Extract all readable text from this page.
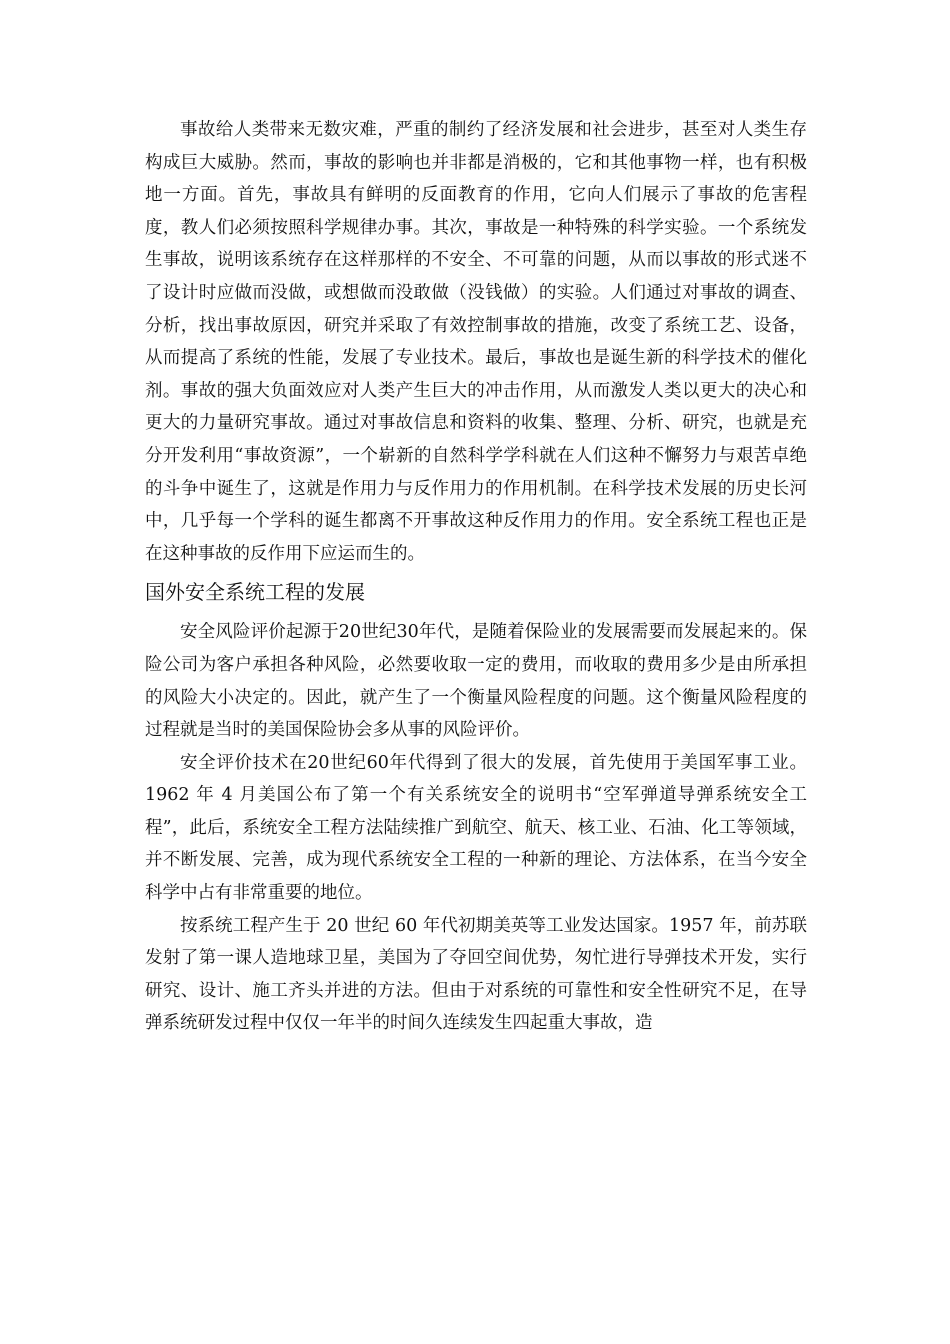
事故给人类带来无数灾难，严重的制约了经济发展和社会进步，甚至对人类生存构成巨大威胁。然而，事故的影响也并非都是消极的，它和其他事物一样，也有积极地一方面。首先，事故具有鲜明的反面教育的作用，它向人们展示了事故的危害程度，教人们必须按照科学规律办事。其次，事故是一种特殊的科学实验。一个系统发生事故，说明该系统存在这样那样的不安全、不可靠的问题，从而以事故的形式迷不了设计时应做而没做，或想做而没敢做（没钱做）的实验。人们通过对事故的调查、分析，找出事故原因，研究并采取了有效控制事故的措施，改变了系统工艺、设备，从而提高了系统的性能，发展了专业技术。最后，事故也是诞生新的科学技术的催化剂。事故的强大负面效应对人类产生巨大的冲击作用，从而激发人类以更大的决心和更大的力量研究事故。通过对事故信息和资料的收集、整理、分析、研究，也就是充分开发利用“事故资源”，一个崭新的自然科学学科就在人们这种不懈努力与艰苦卓绝的斗争中诞生了，这就是作用力与反作用力的作用机制。在科学技术发展的历史长河中，几乎每一个学科的诞生都离不开事故这种反作用力的作用。安全系统工程也正是在这种事故的反作用下应运而生的。

国外安全系统工程的发展

安全风险评价起源于20世纪30年代，是随着保险业的发展需要而发展起来的。保险公司为客户承担各种风险，必然要收取一定的费用，而收取的费用多少是由所承担的风险大小决定的。因此，就产生了一个衡量风险程度的问题。这个衡量风险程度的过程就是当时的美国保险协会多从事的风险评价。

安全评价技术在20世纪60年代得到了很大的发展，首先使用于美国军事工业。1962 年 4 月美国公布了第一个有关系统安全的说明书“空军弹道导弹系统安全工程”，此后，系统安全工程方法陆续推广到航空、航天、核工业、石油、化工等领域，并不断发展、完善，成为现代系统安全工程的一种新的理论、方法体系，在当今安全科学中占有非常重要的地位。

按系统工程产生于 20 世纪 60 年代初期美英等工业发达国家。1957 年，前苏联发射了第一课人造地球卫星，美国为了夺回空间优势，匆忙进行导弹技术开发，实行研究、设计、施工齐头并进的方法。但由于对系统的可靠性和安全性研究不足，在导弹系统研发过程中仅仅一年半的时间久连续发生四起重大事故，造
